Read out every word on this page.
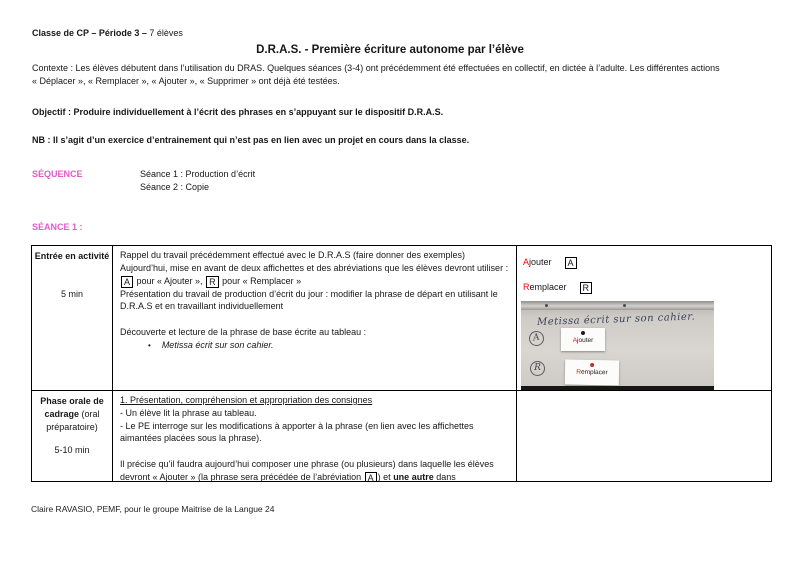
Classe de CP – Période 3 – 7 élèves
D.R.A.S. - Première écriture autonome par l’élève
Contexte : Les élèves débutent dans l’utilisation du DRAS. Quelques séances (3-4) ont précédemment été effectuées en collectif, en dictée à l’adulte. Les différentes actions
« Déplacer », « Remplacer », « Ajouter », « Supprimer » ont déjà été testées.
Objectif : Produire individuellement à l’écrit des phrases en s’appuyant sur le dispositif D.R.A.S.
NB : Il s’agit d’un exercice d’entrainement qui n’est pas en lien avec un projet en cours dans la classe.
SÉQUENCE	Séance 1 : Production d’écrit
Séance 2 : Copie
SÉANCE 1 :
Entrée en activité
5 min
Rappel du travail précédemment effectué avec le D.R.A.S (faire donner des exemples)
Aujourd’hui, mise en avant de deux affichettes et des abréviations que les élèves devront utiliser : A pour « Ajouter », R pour « Remplacer »
Présentation du travail de production d’écrit du jour : modifier la phrase de départ en utilisant le D.R.A.S et en travaillant individuellement
Découverte et lecture de la phrase de base écrite au tableau :
• Metissa écrit sur son cahier.
Ajouter A
Remplacer R
Metissa écrit sur son cahier.
A
R
Ajouter
Remplacer
Phase orale de cadrage (oral préparatoire)
5-10 min
1. Présentation, compréhension et appropriation des consignes
- Un élève lit la phrase au tableau.
- Le PE interroge sur les modifications à apporter à la phrase (en lien avec les affichettes aimantées placées sous la phrase).
Il précise qu’il faudra aujourd’hui composer une phrase (ou plusieurs) dans laquelle les élèves devront « Ajouter » (la phrase sera précédée de l’abréviation A ) et une autre dans
Claire RAVASIO, PEMF, pour le groupe Maitrise de la Langue 24
